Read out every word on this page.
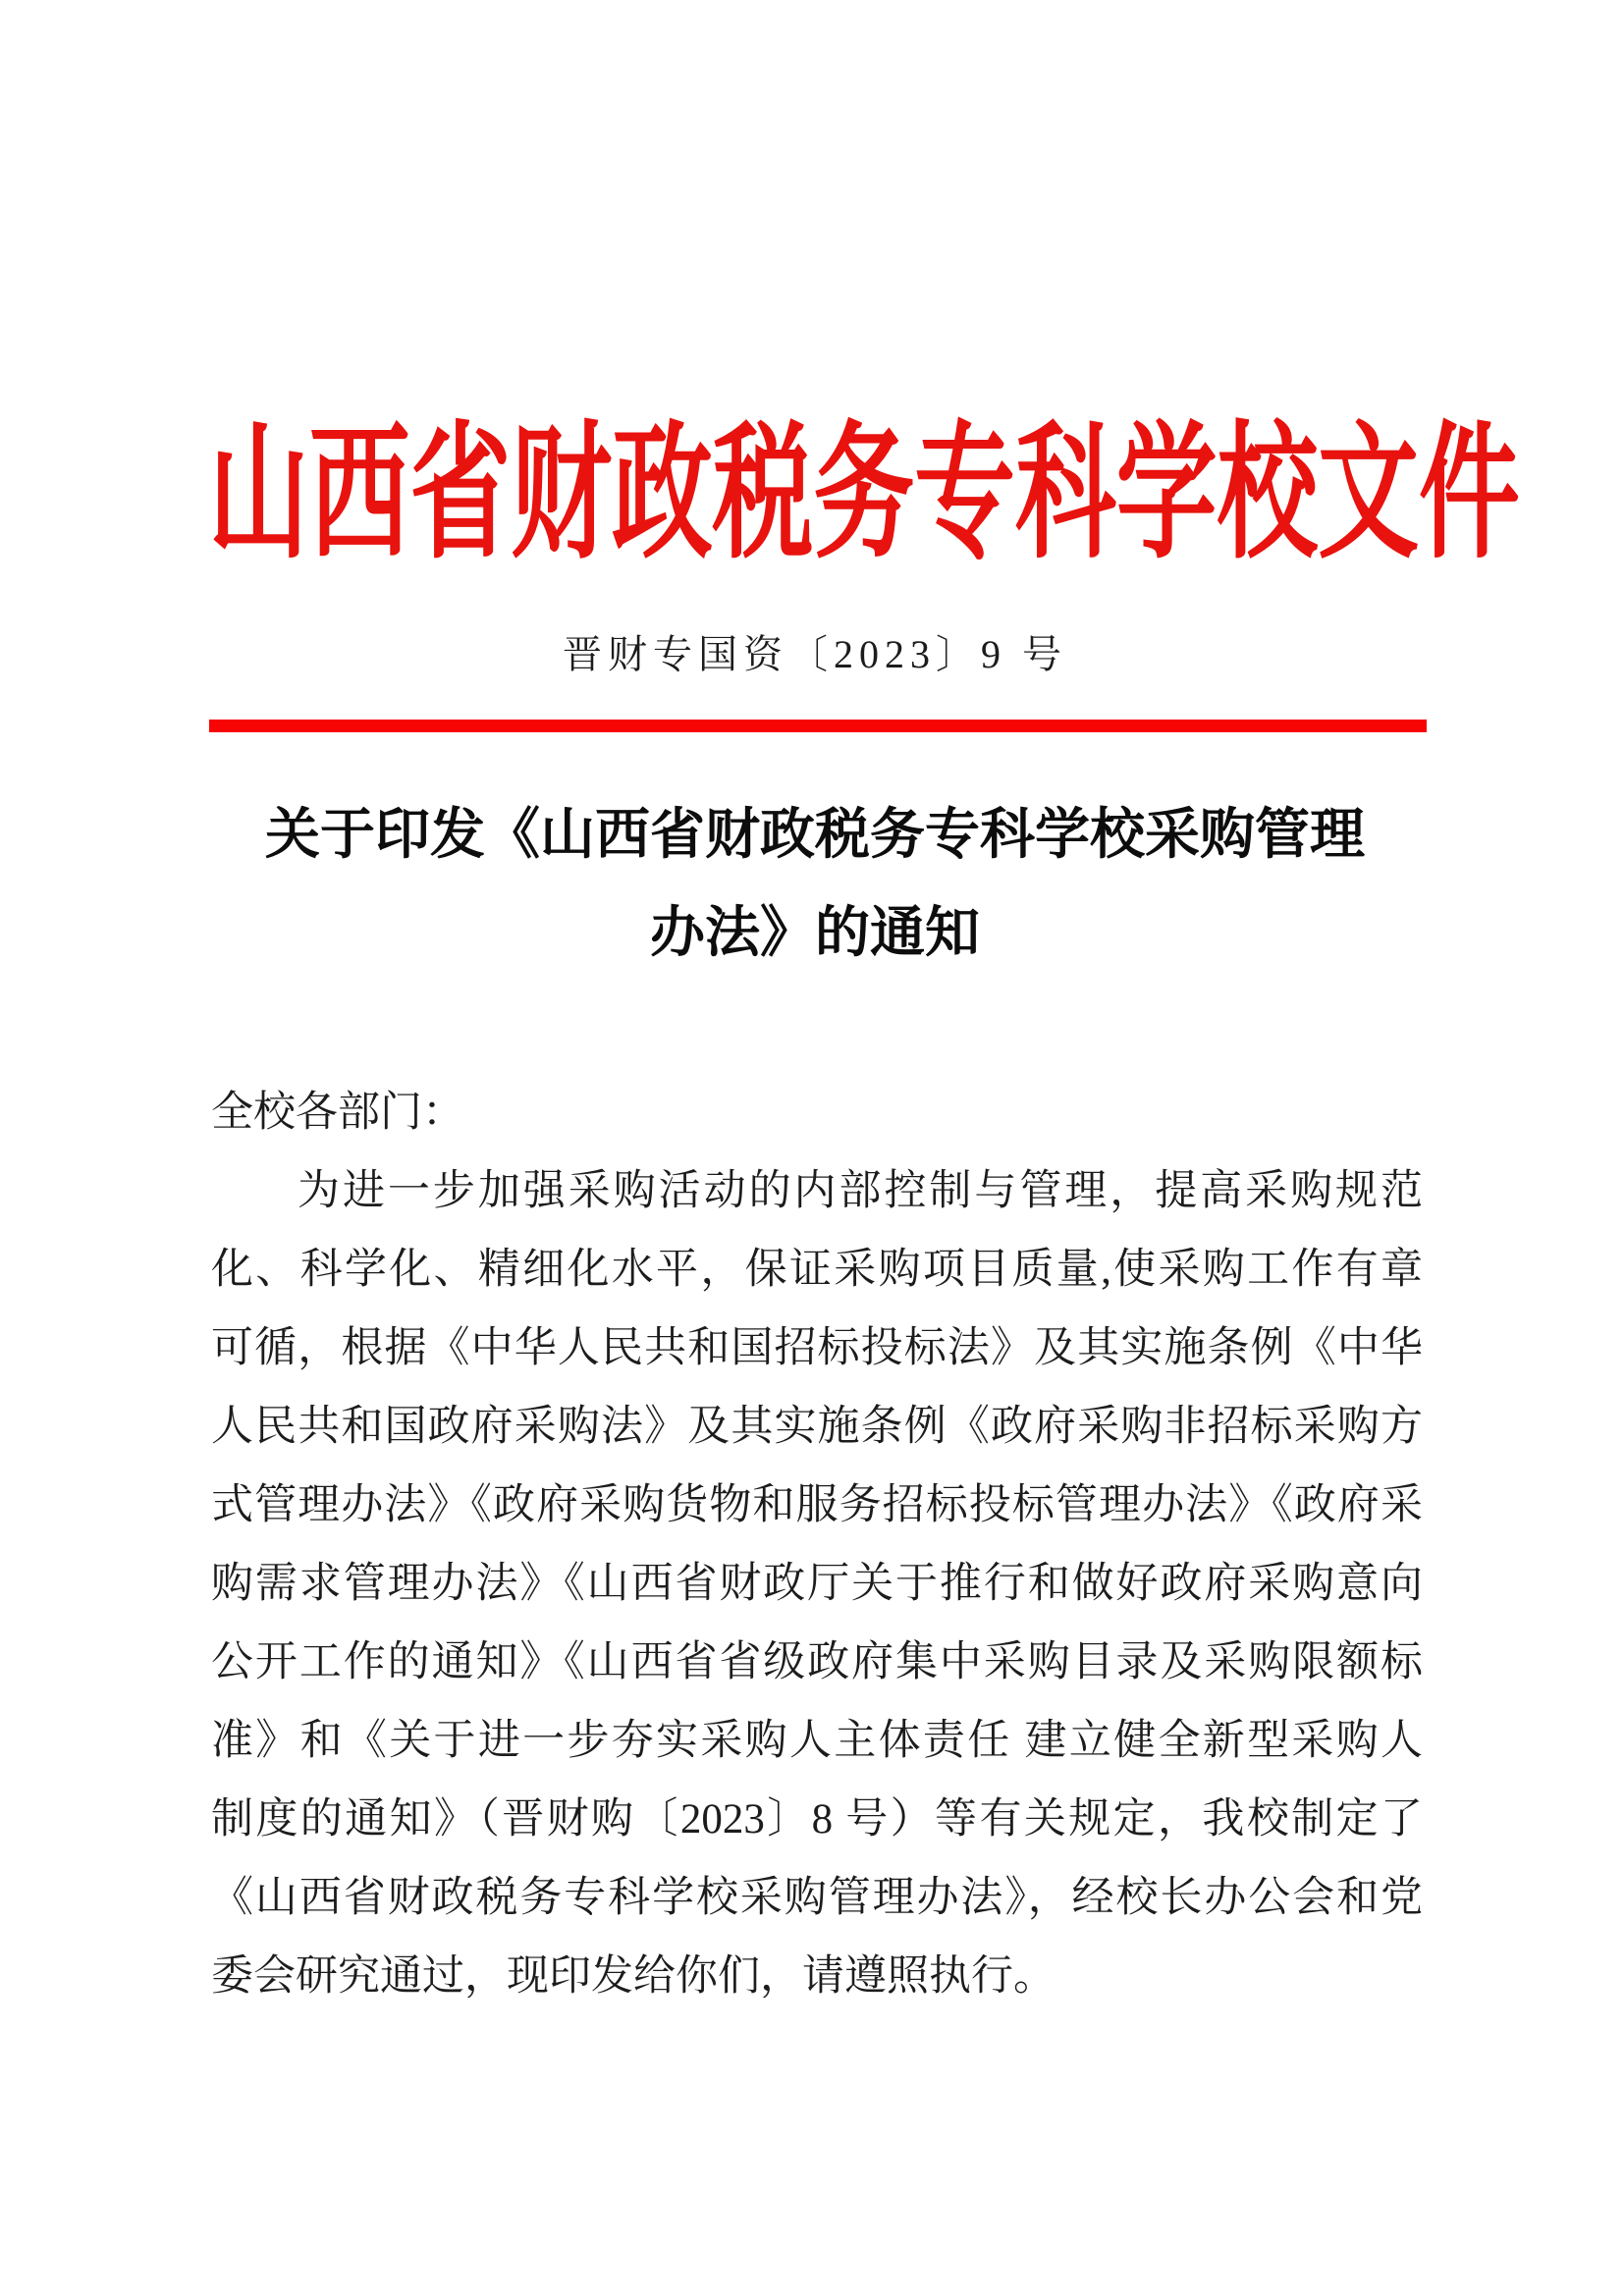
山西省财政税务专科学校文件
晋财专国资〔2023〕9 号
关于印发《山西省财政税务专科学校采购管理
办法》的通知
全校各部门：
为进一步加强采购活动的内部控制与管理，提高采购规范
化、科学化、精细化水平，保证采购项目质量,使采购工作有章
可循，根据《中华人民共和国招标投标法》及其实施条例《中华
人民共和国政府采购法》及其实施条例《政府采购非招标采购方
式管理办法》《政府采购货物和服务招标投标管理办法》《政府采
购需求管理办法》《山西省财政厅关于推行和做好政府采购意向
公开工作的通知》《山西省省级政府集中采购目录及采购限额标
准》和《关于进一步夯实采购人主体责任 建立健全新型采购人
制度的通知》（晋财购〔2023〕8 号）等有关规定，我校制定了
《山西省财政税务专科学校采购管理办法》，经校长办公会和党
委会研究通过，现印发给你们，请遵照执行。
